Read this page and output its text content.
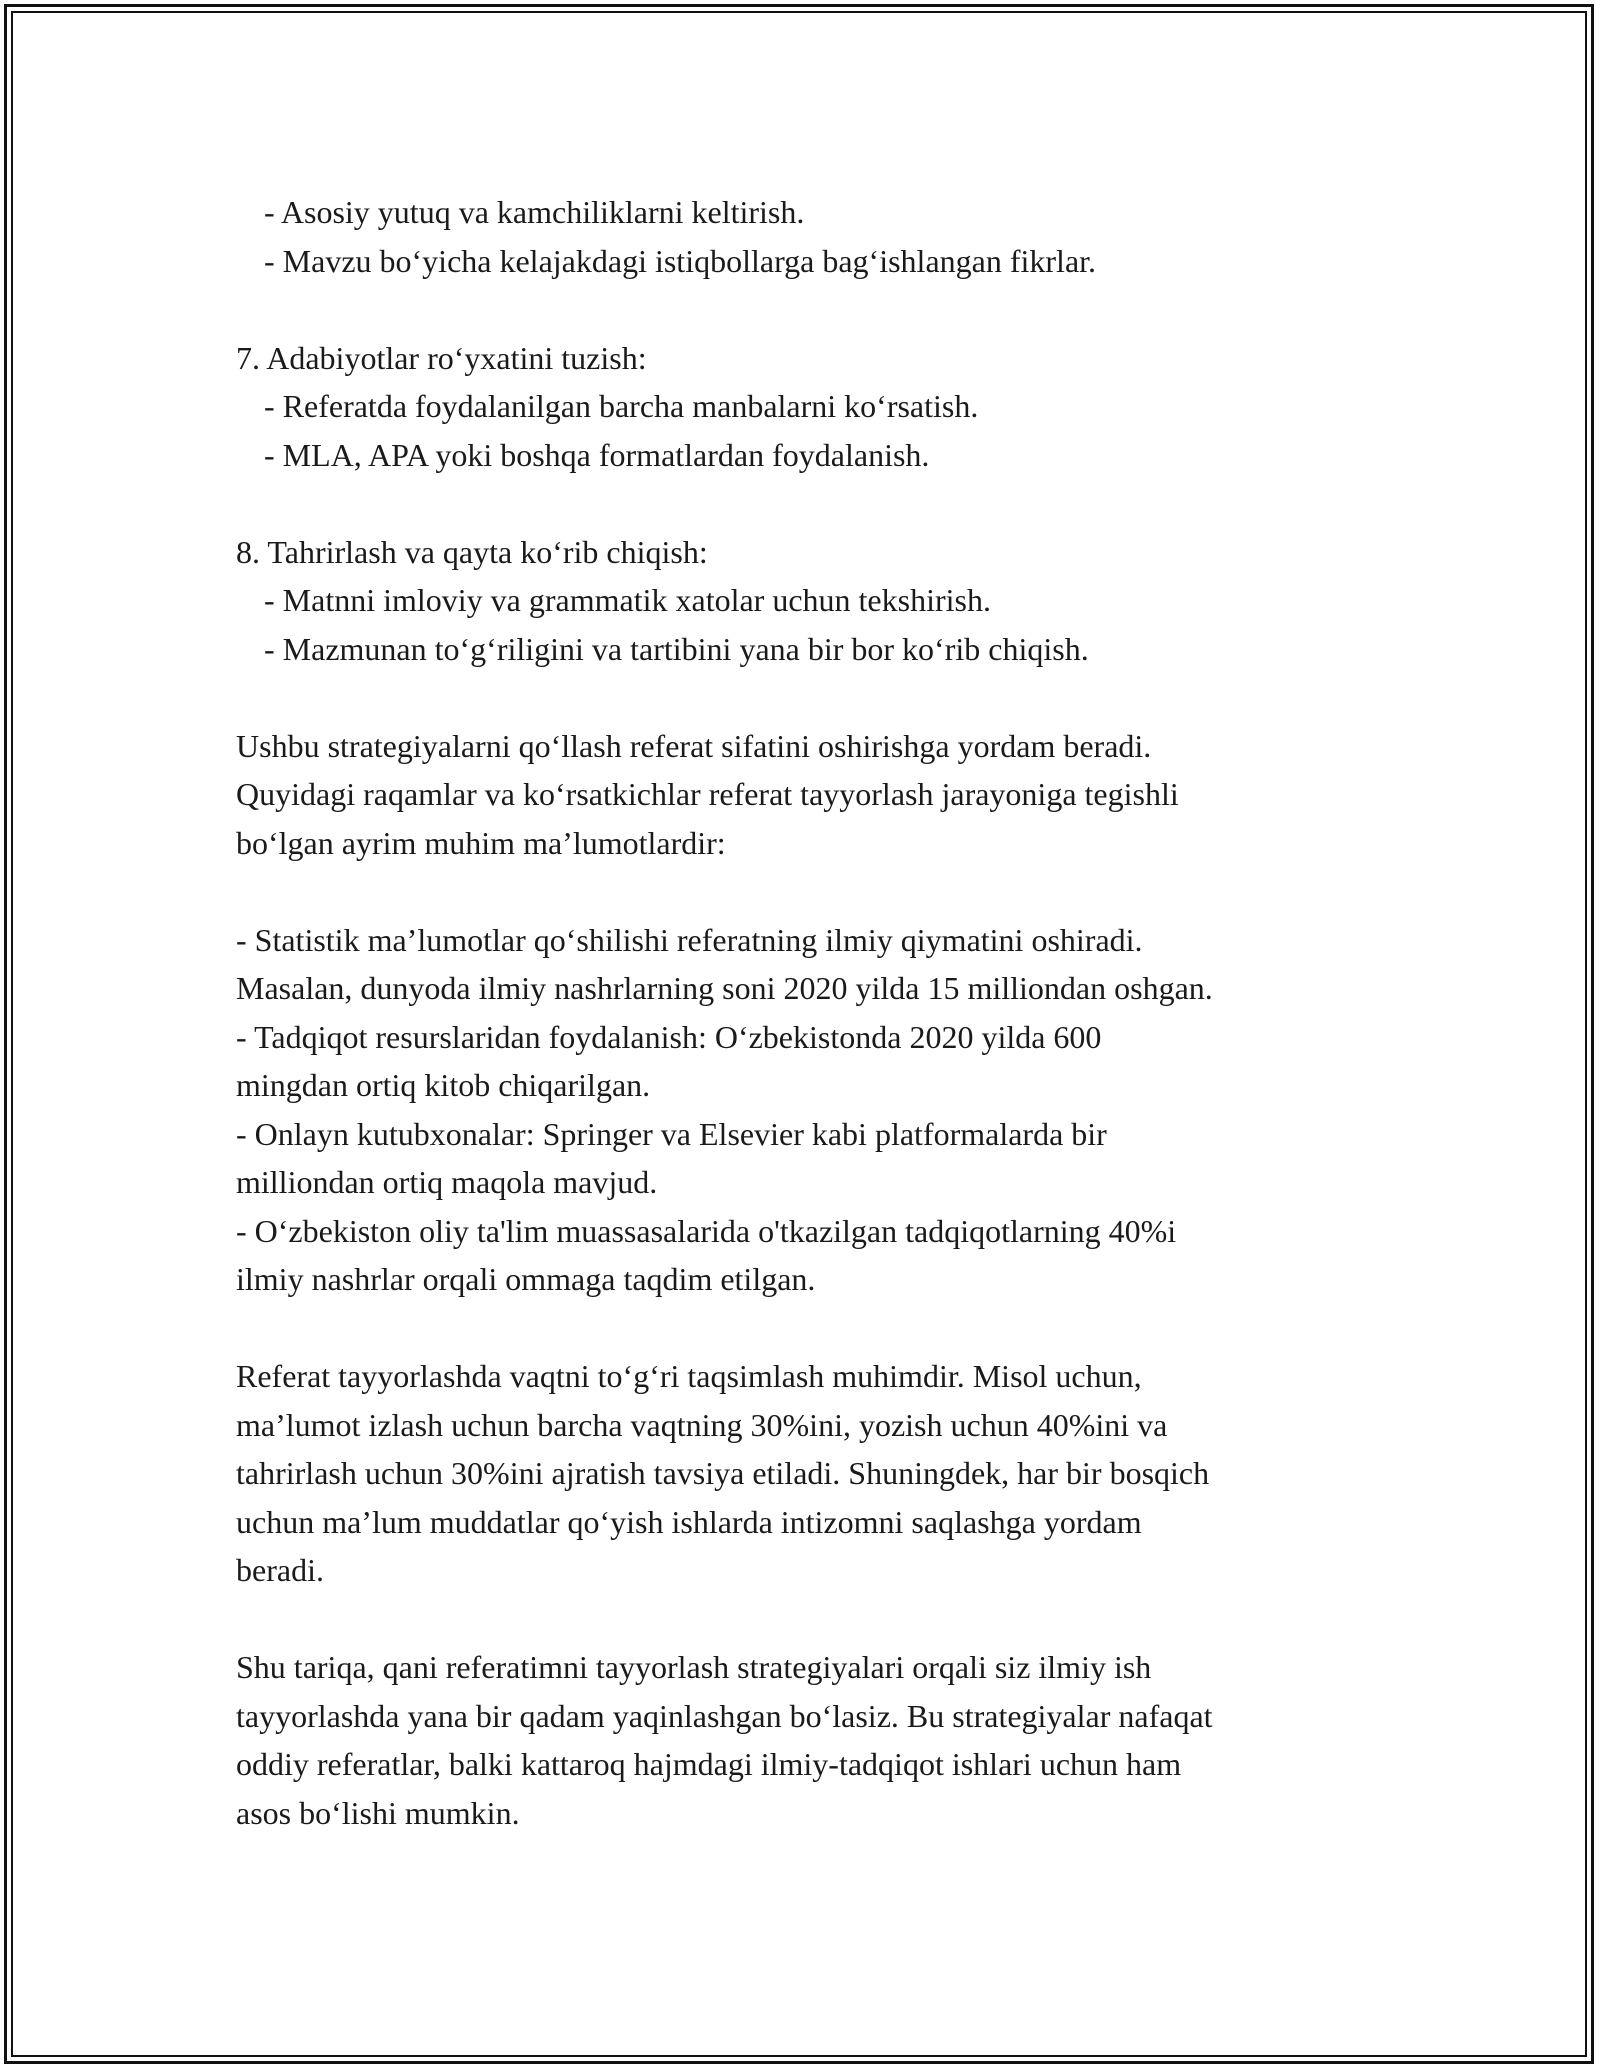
- Asosiy yutuq va kamchiliklarni keltirish.
- Mavzu bo‘yicha kelajakdagi istiqbollarga bag‘ishlangan fikrlar.
7. Adabiyotlar ro‘yxatini tuzish:
- Referatda foydalanilgan barcha manbalarni ko‘rsatish.
- MLA, APA yoki boshqa formatlardan foydalanish.
8. Tahrirlash va qayta ko‘rib chiqish:
- Matnni imloviy va grammatik xatolar uchun tekshirish.
- Mazmunan to‘g‘riligini va tartibini yana bir bor ko‘rib chiqish.
Ushbu strategiyalarni qo‘llash referat sifatini oshirishga yordam beradi.
Quyidagi raqamlar va ko‘rsatkichlar referat tayyorlash jarayoniga tegishli
bo‘lgan ayrim muhim ma’lumotlardir:
- Statistik ma’lumotlar qo‘shilishi referatning ilmiy qiymatini oshiradi.
Masalan, dunyoda ilmiy nashrlarning soni 2020 yilda 15 milliondan oshgan.
- Tadqiqot resurslaridan foydalanish: O‘zbekistonda 2020 yilda 600
mingdan ortiq kitob chiqarilgan.
- Onlayn kutubxonalar: Springer va Elsevier kabi platformalarda bir
milliondan ortiq maqola mavjud.
- O‘zbekiston oliy ta'lim muassasalarida o'tkazilgan tadqiqotlarning 40%i
ilmiy nashrlar orqali ommaga taqdim etilgan.
Referat tayyorlashda vaqtni to‘g‘ri taqsimlash muhimdir. Misol uchun,
ma’lumot izlash uchun barcha vaqtning 30%ini, yozish uchun 40%ini va
tahrirlash uchun 30%ini ajratish tavsiya etiladi. Shuningdek, har bir bosqich
uchun ma’lum muddatlar qo‘yish ishlarda intizomni saqlashga yordam
beradi.
Shu tariqa, qani referatimni tayyorlash strategiyalari orqali siz ilmiy ish
tayyorlashda yana bir qadam yaqinlashgan bo‘lasiz. Bu strategiyalar nafaqat
oddiy referatlar, balki kattaroq hajmdagi ilmiy-tadqiqot ishlari uchun ham
asos bo‘lishi mumkin.
